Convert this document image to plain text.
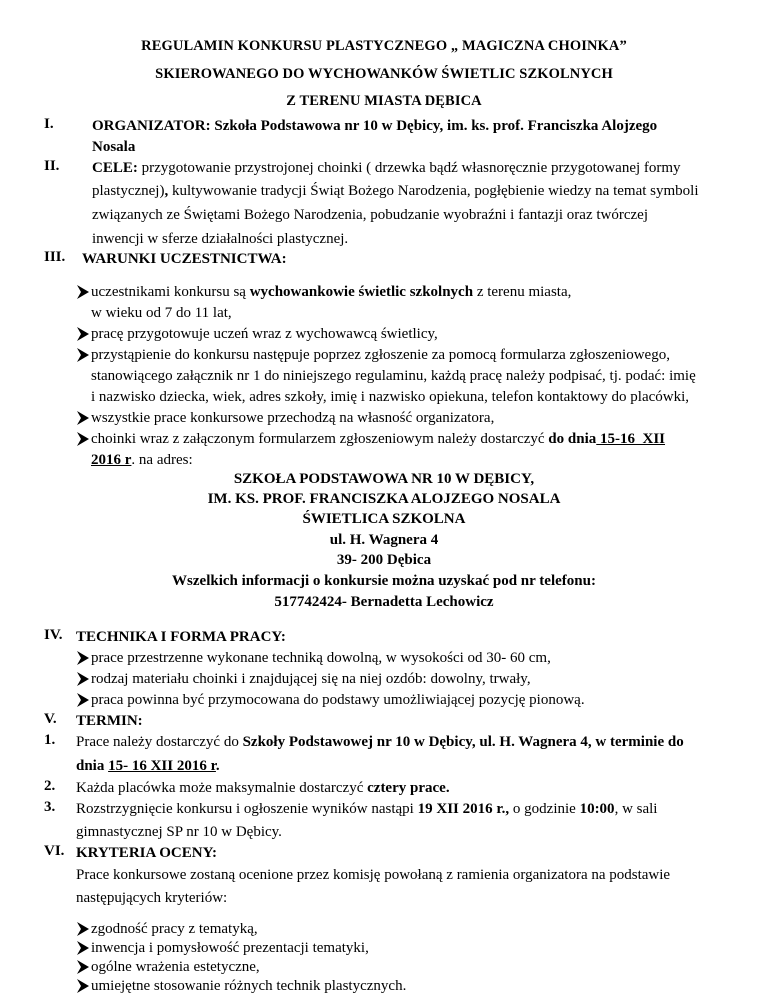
REGULAMIN KONKURSU PLASTYCZNEGO „ MAGICZNA CHOINKA”
SKIEROWANEGO DO WYCHOWANKÓW ŚWIETLIC SZKOLNYCH
Z TERENU MIASTA DĘBICA
I.	ORGANIZATOR: Szkoła Podstawowa nr 10 w Dębicy, im. ks. prof. Franciszka Alojzego
Nosala
II. CELE: przygotowanie przystrojonej choinki ( drzewka bądź własnoręcznie przygotowanej formy
plastycznej), kultywowanie tradycji Świąt Bożego Narodzenia, pogłębienie wiedzy na temat symboli
związanych ze Świętami Bożego Narodzenia, pobudzanie wyobraźni i fantazji oraz twórczej
inwencji w sferze działalności plastycznej.
III. WARUNKI UCZESTNICTWA:
uczestnikami konkursu są wychowankowie świetlic szkolnych z terenu miasta,
w wieku od 7 do 11 lat,
pracę przygotowuje uczeń wraz z wychowawcą świetlicy,
przystąpienie do konkursu następuje poprzez zgłoszenie za pomocą formularza zgłoszeniowego,
stanowiącego załącznik nr 1 do niniejszego regulaminu, każdą pracę należy podpisać, tj. podać: imię
i nazwisko dziecka, wiek, adres szkoły, imię i nazwisko opiekuna, telefon kontaktowy do placówki,
wszystkie prace konkursowe przechodzą na własność organizatora,
choinki wraz z załączonym formularzem zgłoszeniowym należy dostarczyć do dnia 15-16  XII
2016 r. na adres:
SZKOŁA PODSTAWOWA NR 10 W DĘBICY,
IM. KS. PROF. FRANCISZKA ALOJZEGO NOSALA
ŚWIETLICA SZKOLNA
ul. H. Wagnera 4
39- 200 Dębica
Wszelkich informacji o konkursie można uzyskać pod nr telefonu:
517742424- Bernadetta Lechowicz
IV. TECHNIKA I FORMA PRACY:
prace przestrzenne wykonane techniką dowolną, w wysokości od 30- 60 cm,
rodzaj materiału choinki i znajdującej się na niej ozdób: dowolny, trwały,
praca powinna być przymocowana do podstawy umożliwiającej pozycję pionową.
V. TERMIN:
1. Prace należy dostarczyć do Szkoły Podstawowej nr 10 w Dębicy, ul. H. Wagnera 4, w terminie do
dnia 15- 16 XII 2016 r.
2. Każda placówka może maksymalnie dostarczyć cztery prace.
3. Rozstrzygnięcie konkursu i ogłoszenie wyników nastąpi 19 XII 2016 r., o godzinie 10:00, w sali
gimnastycznej SP nr 10 w Dębicy.
VI. KRYTERIA OCENY:
Prace konkursowe zostaną ocenione przez komisję powołaną z ramienia organizatora na podstawie
następujących kryteriów:
zgodność pracy z tematyką,
inwencja i pomysłowość prezentacji tematyki,
ogólne wrażenia estetyczne,
umiejętne stosowanie różnych technik plastycznych.
